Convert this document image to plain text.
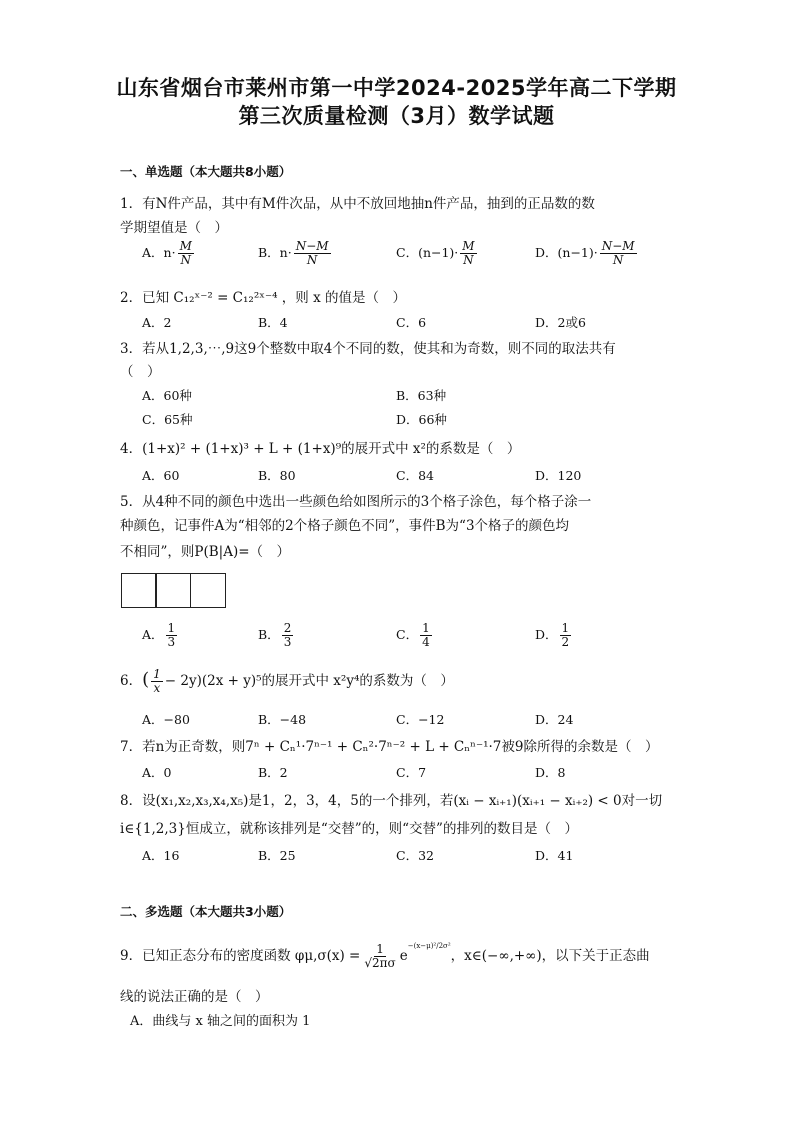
山东省烟台市莱州市第一中学2024-2025学年高二下学期
第三次质量检测（3月）数学试题
一、单选题（本大题共8小题）
1．有N件产品，其中有M件次品，从中不放回地抽n件产品，抽到的正品数的数
学期望值是（　）
A．$n\cdot \frac{M}{N}$	B．$n\cdot \frac{N-M}{N}$	C．$(n-1)\cdot \frac{M}{N}$	D．$(n-1)\cdot \frac{N-M}{N}$
2．已知 C₁₂ˣ⁻² = C₁₂²ˣ⁻⁴ ，则 x 的值是（　）
A．2	B．4	C．6	D．2或6
3．若从1,2,3,⋯,9这9个整数中取4个不同的数，使其和为奇数，则不同的取法共有
（　）
A．60种	B．63种
C．65种	D．66种
4．(1+x)² + (1+x)³ + L + (1+x)⁹的展开式中 x²的系数是（　）
A．60	B．80	C．84	D．120
5．从4种不同的颜色中选出一些颜色给如图所示的3个格子涂色，每个格子涂一
种颜色，记事件A为“相邻的2个格子颜色不同”，事件B为“3个格子的颜色均
不相同”，则P(B|A)=（　）
A． $\frac{1}{3}$	B． $\frac{2}{3}$	C． $\frac{1}{4}$	D． $\frac{1}{2}$
6．( $\frac{1}{x} - 2y)(2x + y)^5$的展开式中 x²y⁴的系数为（　）
A．−80	B．−48	C．−12	D．24
7．若n为正奇数，则7ⁿ + Cₙ¹·7ⁿ⁻¹ + Cₙ²·7ⁿ⁻² + L + Cₙⁿ⁻¹·7被9除所得的余数是（　）
A．0	B．2	C．7	D．8
8．设(x₁,x₂,x₃,x₄,x₅)是1，2，3，4，5的一个排列，若(xᵢ − xᵢ₊₁)(xᵢ₊₁ − xᵢ₊₂) < 0对一切
i∈{1,2,3}恒成立，就称该排列是“交替”的，则“交替”的排列的数目是（　）
A．16	B．25	C．32	D．41
二、多选题（本大题共3小题）
9．已知正态分布的密度函数 $\varphi\mu,\sigma(x) = \frac{1}{√2\pi\sigma} e^{-(x-\mu)^2/2\sigma^2}$，x∈(−∞,+∞)，以下关于正态曲
线的说法正确的是（　）
A．曲线与 x 轴之间的面积为 1
